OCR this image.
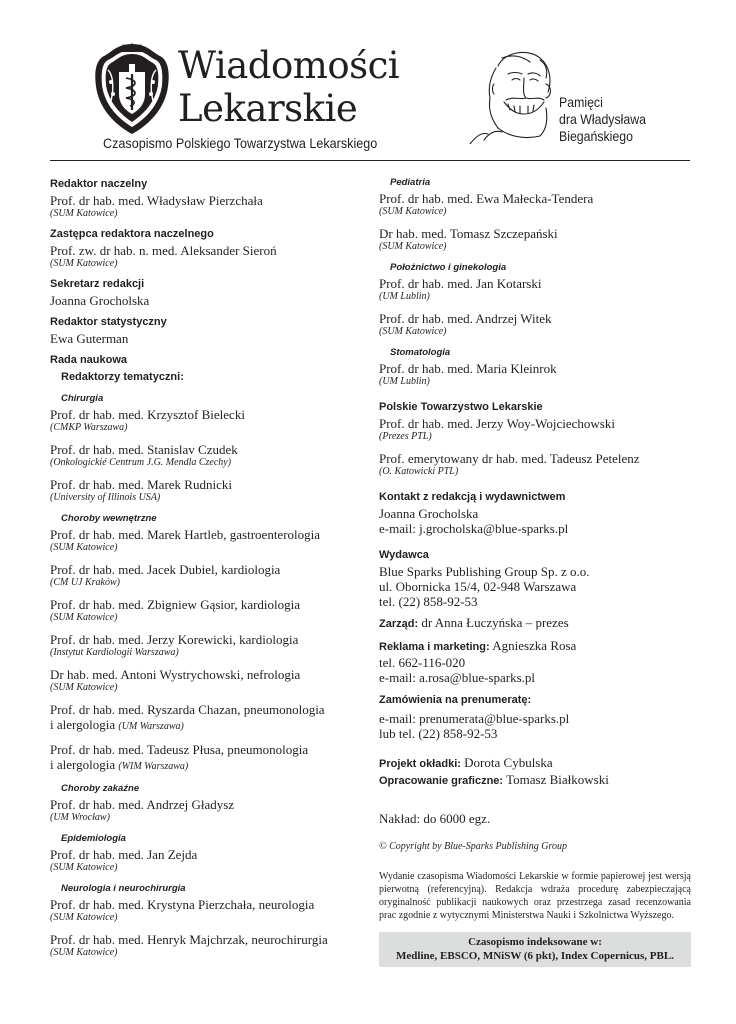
Wiadomości
Lekarskie
Czasopismo Polskiego Towarzystwa Lekarskiego
Pamięci
dra Władysława
Biegańskiego
Redaktor naczelny
Prof. dr hab. med. Władysław Pierzchała
(SUM Katowice)
Zastępca redaktora naczelnego
Prof. zw. dr hab. n. med. Aleksander Sieroń
(SUM Katowice)
Sekretarz redakcji
Joanna Grocholska
Redaktor statystyczny
Ewa Guterman
Rada naukowa
Redaktorzy tematyczni:
Chirurgia
Prof. dr hab. med. Krzysztof Bielecki
(CMKP Warszawa)
Prof. dr hab. med. Stanislav Czudek
(Onkologickié Centrum J.G. Mendla Czechy)
Prof. dr hab. med. Marek Rudnicki
(University of Illinois USA)
Choroby wewnętrzne
Prof. dr hab. med. Marek Hartleb, gastroenterologia
(SUM Katowice)
Prof. dr hab. med. Jacek Dubiel, kardiologia
(CM UJ Kraków)
Prof. dr hab. med. Zbigniew Gąsior, kardiologia
(SUM Katowice)
Prof. dr hab. med. Jerzy Korewicki, kardiologia
(Instytut Kardiologii Warszawa)
Dr hab. med. Antoni Wystrychowski, nefrologia
(SUM Katowice)
Prof. dr hab. med. Ryszarda Chazan, pneumonologia
i alergologia (UM Warszawa)
Prof. dr hab. med. Tadeusz Płusa, pneumonologia
i alergologia (WIM Warszawa)
Choroby zakaźne
Prof. dr hab. med. Andrzej Gładysz
(UM Wrocław)
Epidemiologia
Prof. dr hab. med. Jan Zejda
(SUM Katowice)
Neurologia i neurochirurgia
Prof. dr hab. med. Krystyna Pierzchała, neurologia
(SUM Katowice)
Prof. dr hab. med. Henryk Majchrzak, neurochirurgia
(SUM Katowice)
Pediatria
Prof. dr hab. med. Ewa Małecka-Tendera
(SUM Katowice)
Dr hab. med. Tomasz Szczepański
(SUM Katowice)
Położnictwo i ginekologia
Prof. dr hab. med. Jan Kotarski
(UM Lublin)
Prof. dr hab. med. Andrzej Witek
(SUM Katowice)
Stomatologia
Prof. dr hab. med. Maria Kleinrok
(UM Lublin)
Polskie Towarzystwo Lekarskie
Prof. dr hab. med. Jerzy Woy-Wojciechowski
(Prezes PTL)
Prof. emerytowany dr hab. med. Tadeusz Petelenz
(O. Katowicki PTL)
Kontakt z redakcją i wydawnictwem
Joanna Grocholska
e-mail: j.grocholska@blue-sparks.pl
Wydawca
Blue Sparks Publishing Group Sp. z o.o.
ul. Obornicka 15/4, 02-948 Warszawa
tel. (22) 858-92-53
Zarząd: dr Anna Łuczyńska – prezes
Reklama i marketing: Agnieszka Rosa
tel. 662-116-020
e-mail: a.rosa@blue-sparks.pl
Zamówienia na prenumeratę:
e-mail: prenumerata@blue-sparks.pl
lub tel. (22) 858-92-53
Projekt okładki: Dorota Cybulska
Opracowanie graficzne: Tomasz Białkowski
Nakład: do 6000 egz.
© Copyright by Blue-Sparks Publishing Group
Wydanie czasopisma Wiadomości Lekarskie w formie papierowej jest wersją pierwotną (referencyjną). Redakcja wdraża procedurę zabezpieczającą oryginalność publikacji naukowych oraz przestrzega zasad recenzowania prac zgodnie z wytycznymi Ministerstwa Nauki i Szkolnictwa Wyższego.
Czasopismo indeksowane w:
Medline, EBSCO, MNiSW (6 pkt), Index Copernicus, PBL.
